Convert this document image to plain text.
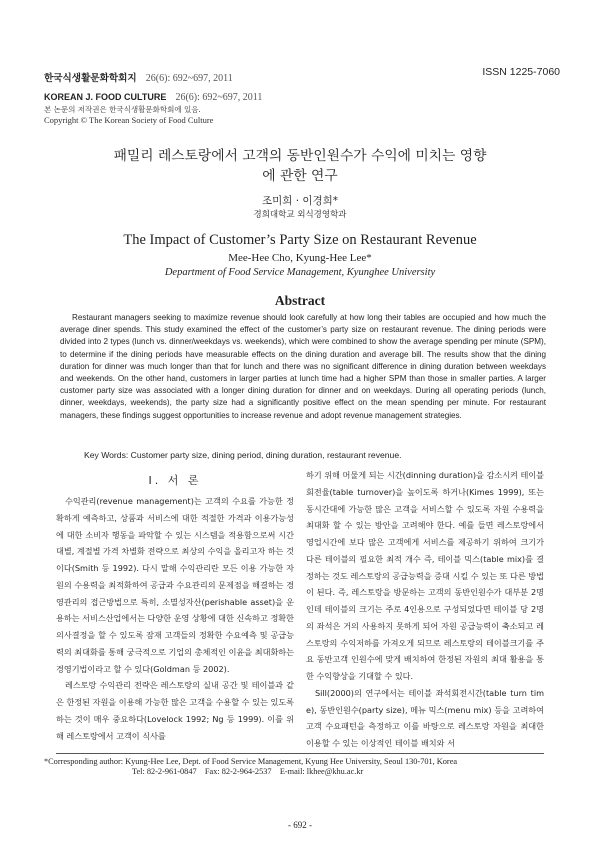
한국식생활문화학회지 26(6): 692~697, 2011
KOREAN J. FOOD CULTURE 26(6): 692~697, 2011
본 논문의 저작권은 한국식생활문화학회에 있음.
Copyright © The Korean Society of Food Culture
ISSN 1225-7060
패밀리 레스토랑에서 고객의 동반인원수가 수익에 미치는 영향에 관한 연구
조미희 · 이경희*
경희대학교 외식경영학과
The Impact of Customer’s Party Size on Restaurant Revenue
Mee-Hee Cho, Kyung-Hee Lee*
Department of Food Service Management, Kyunghee University
Abstract
Restaurant managers seeking to maximize revenue should look carefully at how long their tables are occupied and how much the average diner spends. This study examined the effect of the customer’s party size on restaurant revenue. The dining periods were divided into 2 types (lunch vs. dinner/weekdays vs. weekends), which were combined to show the average spending per minute (SPM), to determine if the dining periods have measurable effects on the dining duration and average bill. The results show that the dining duration for dinner was much longer than that for lunch and there was no significant difference in dining duration between weekdays and weekends. On the other hand, customers in larger parties at lunch time had a higher SPM than those in smaller parties. A larger customer party size was associated with a longer dining duration for dinner and on weekdays. During all operating periods (lunch, dinner, weekdays, weekends), the party size had a significantly positive effect on the mean spending per minute. For restaurant managers, these findings suggest opportunities to increase revenue and adopt revenue management strategies.
Key Words: Customer party size, dining period, dining duration, restaurant revenue.
I. 서 론

수익관리(revenue management)는 고객의 수요를 가능한 정확하게 예측하고, 상품과 서비스에 대한 적절한 가격과 이용가능성에 대한 소비자 행동을 파악할 수 있는 시스템을 적용함으로써 시간대별, 계절별 가격 차별화 전략으로 최상의 수익을 올리고자 하는 것이다(Smith 등 1992). 다시 말해 수익관리란 모든 이용 가능한 자원의 수용력을 최적화하여 공급과 수요관리의 문제점을 해결하는 경영관리의 접근방법으로 특히, 소멸성자산(perishable asset)을 운용하는 서비스산업에서는 다양한 운영 상황에 대한 신속하고 정확한 의사결정을 할 수 있도록 잠재 고객들의 정확한 수요예측 및 공급능력의 최대화를 통해 궁극적으로 기업의 총체적인 이윤을 최대화하는 경영기법이라고 할 수 있다(Goldman 등 2002).

레스토랑 수익관리 전략은 레스토랑의 실내 공간 및 테이블과 같은 한정된 자원을 이용해 가능한 많은 고객을 수용할 수 있는 있도록 하는 것이 매우 중요하다(Lovelock 1992; Ng 등 1999). 이를 위해 레스토랑에서 고객이 식사를

하기 위해 머물게 되는 시간(dinning duration)을 감소시켜 테이블 회전율(table turnover)을 높이도록 하거나(Kimes 1999), 또는 동시간대에 가능한 많은 고객을 서비스할 수 있도록 자원 수용력을 최대화 할 수 있는 방안을 고려해야 한다. 예를 들면 레스토랑에서 영업시간에 보다 많은 고객에게 서비스를 제공하기 위하여 크기가 다른 테이블의 필요한 최적 개수 즉, 테이블 믹스(table mix)를 결정하는 것도 레스토랑의 공급능력을 증대 시킬 수 있는 또 다른 방법이 된다. 즉, 레스토랑을 방문하는 고객의 동반인원수가 대부분 2명인데 테이블의 크기는 주로 4인용으로 구성되었다면 테이블 당 2명의 좌석은 거의 사용하지 못하게 되어 자원 공급능력이 축소되고 레스토랑의 수익저하를 가져오게 되므로 레스토랑의 테이블크기를 주요 동반고객 인원수에 맞게 배치하여 한정된 자원의 최대 활용을 통한 수익향상을 기대할 수 있다.

Sill(2000)의 연구에서는 테이블 좌석회전시간(table turn time), 동반인원수(party size), 메뉴 믹스(menu mix) 등을 고려하여 고객 수요패턴을 측정하고 이를 바탕으로 레스토랑 자원을 최대한 이용할 수 있는 이상적인 테이블 배치와 서

*Corresponding author: Kyung-Hee Lee, Dept. of Food Service Management, Kyung Hee University, Seoul 130-701, Korea
Tel: 82-2-961-0847    Fax: 82-2-964-2537    E-mail: lkhee@khu.ac.kr
- 692 -
